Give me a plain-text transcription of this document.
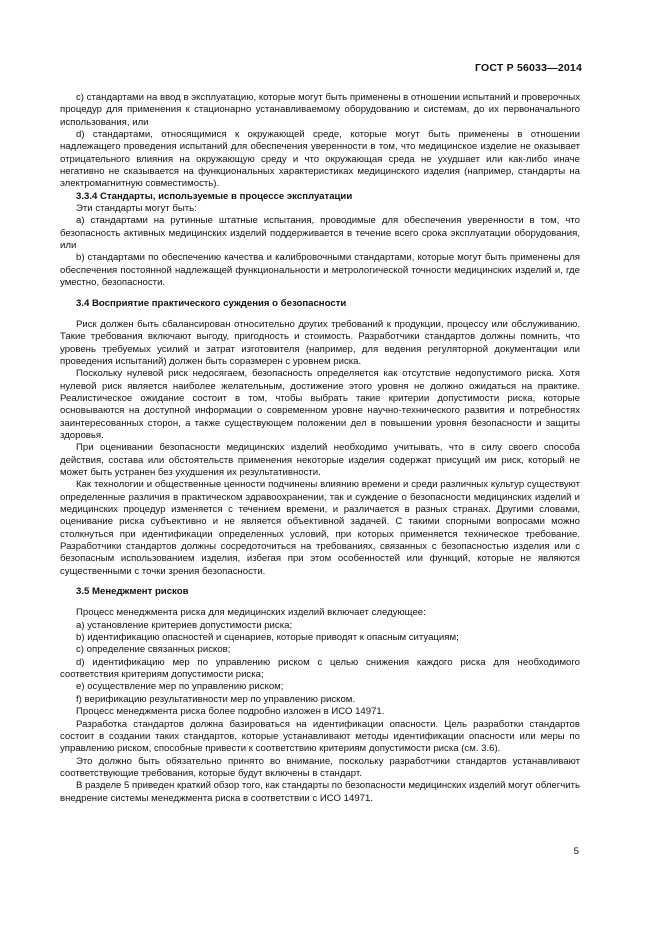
ГОСТ Р 56033—2014

с) стандартами на ввод в эксплуатацию, которые могут быть применены в отношении испытаний и проверочных процедур для применения к стационарно устанавливаемому оборудованию и системам, до их первоначального использования, или

d) стандартами, относящимися к окружающей среде, которые могут быть применены в отношении надлежащего проведения испытаний для обеспечения уверенности в том, что медицинское изделие не оказывает отрицательного влияния на окружающую среду и что окружающая среда не ухудшает или как-либо иначе негативно не сказывается на функциональных характеристиках медицинского изделия (например, стандарты на электромагнитную совместимость).

3.3.4 Стандарты, используемые в процессе эксплуатации

Эти стандарты могут быть:

a) стандартами на рутинные штатные испытания, проводимые для обеспечения уверенности в том, что безопасность активных медицинских изделий поддерживается в течение всего срока эксплуатации оборудования, или

b) стандартами по обеспечению качества и калибровочными стандартами, которые могут быть применены для обеспечения постоянной надлежащей функциональности и метрологической точности медицинских изделий и, где уместно, безопасности.

3.4 Восприятие практического суждения о безопасности

Риск должен быть сбалансирован относительно других требований к продукции, процессу или обслуживанию. Такие требования включают выгоду, пригодность и стоимость. Разработчики стандартов должны помнить, что уровень требуемых усилий и затрат изготовителя (например, для ведения регуляторной документации или проведения испытаний) должен быть соразмерен с уровнем риска.

Поскольку нулевой риск недосягаем, безопасность определяется как отсутствие недопустимого риска. Хотя нулевой риск является наиболее желательным, достижение этого уровня не должно ожидаться на практике. Реалистическое ожидание состоит в том, чтобы выбрать такие критерии допустимости риска, которые основываются на доступной информации о современном уровне научно-технического развития и потребностях заинтересованных сторон, а также существующем положении дел в повышении уровня безопасности и защиты здоровья.

При оценивании безопасности медицинских изделий необходимо учитывать, что в силу своего способа действия, состава или обстоятельств применения некоторые изделия содержат присущий им риск, который не может быть устранен без ухудшения их результативности.

Как технологии и общественные ценности подчинены влиянию времени и среди различных культур существуют определенные различия в практическом здравоохранении, так и суждение о безопасности медицинских изделий и медицинских процедур изменяется с течением времени, и различается в разных странах. Другими словами, оценивание риска субъективно и не является объективной задачей. С такими спорными вопросами можно столкнуться при идентификации определенных условий, при которых применяется техническое требование. Разработчики стандартов должны сосредоточиться на требованиях, связанных с безопасностью изделия или с безопасным использованием изделия, избегая при этом особенностей или функций, которые не являются существенными с точки зрения безопасности.

3.5 Менеджмент рисков

Процесс менеджмента риска для медицинских изделий включает следующее:

a) установление критериев допустимости риска;

b) идентификацию опасностей и сценариев, которые приводят к опасным ситуациям;

c) определение связанных рисков;

d) идентификацию мер по управлению риском с целью снижения каждого риска для необходимого соответствия критериям допустимости риска;

e) осуществление мер по управлению риском;

f) верификацию результативности мер по управлению риском.

Процесс менеджмента риска более подробно изложен в ИСО 14971.

Разработка стандартов должна базироваться на идентификации опасности. Цель разработки стандартов состоит в создании таких стандартов, которые устанавливают методы идентификации опасности или меры по управлению риском, способные привести к соответствию критериям допустимости риска (см. 3.6).

Это должно быть обязательно принято во внимание, поскольку разработчики стандартов устанавливают соответствующие требования, которые будут включены в стандарт.

В разделе 5 приведен краткий обзор того, как стандарты по безопасности медицинских изделий могут облегчить внедрение системы менеджмента риска в соответствии с ИСО 14971.

5
